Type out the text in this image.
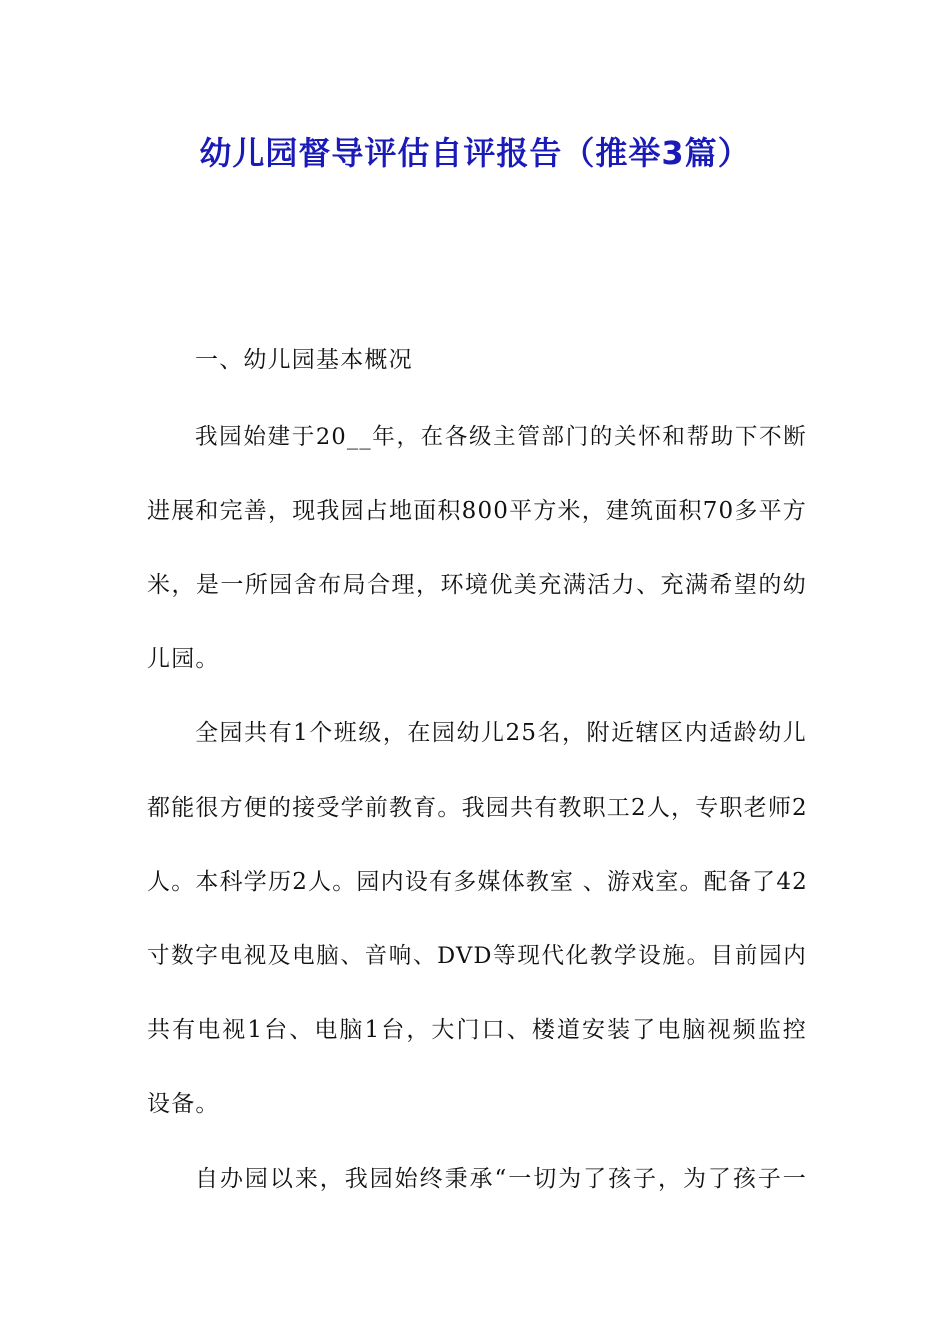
幼儿园督导评估自评报告（推举3篇）
一、幼儿园基本概况
我园始建于20__年，在各级主管部门的关怀和帮助下不断
进展和完善，现我园占地面积800平方米，建筑面积70多平方
米，是一所园舍布局合理，环境优美充满活力、充满希望的幼
儿园。
全园共有1个班级，在园幼儿25名，附近辖区内适龄幼儿
都能很方便的接受学前教育。我园共有教职工2人，专职老师2
人。本科学历2人。园内设有多媒体教室 、游戏室。配备了42
寸数字电视及电脑、音响、DVD等现代化教学设施。目前园内
共有电视1台、电脑1台，大门口、楼道安装了电脑视频监控
设备。
自办园以来，我园始终秉承“一切为了孩子，为了孩子一
